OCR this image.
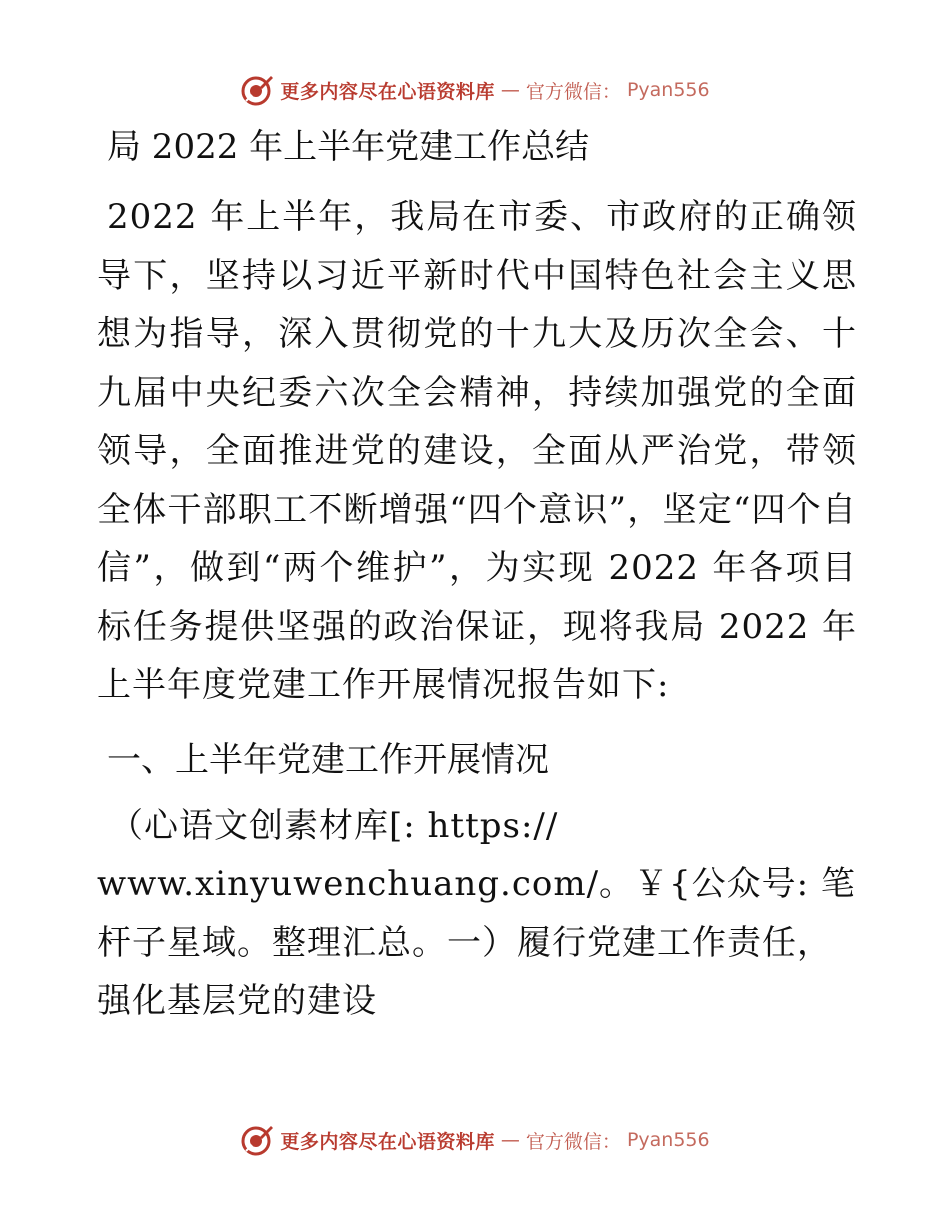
更多内容尽在心语资料库 — 官方微信： Pyan556
局 2022 年上半年党建工作总结

2022 年上半年，我局在市委、市政府的正确领导下，坚持以习近平新时代中国特色社会主义思想为指导，深入贯彻党的十九大及历次全会、十九届中央纪委六次全会精神，持续加强党的全面领导，全面推进党的建设，全面从严治党，带领全体干部职工不断增强“四个意识”，坚定“四个自信”，做到“两个维护”，为实现 2022 年各项目标任务提供坚强的政治保证，现将我局 2022 年上半年度党建工作开展情况报告如下:

一、上半年党建工作开展情况

（心语文创素材库[: https://
www.xinyuwenchuang.com/。￥{公众号: 笔杆子星域。整理汇总。一）履行党建工作责任，强化基层党的建设

更多内容尽在心语资料库 — 官方微信： Pyan556
